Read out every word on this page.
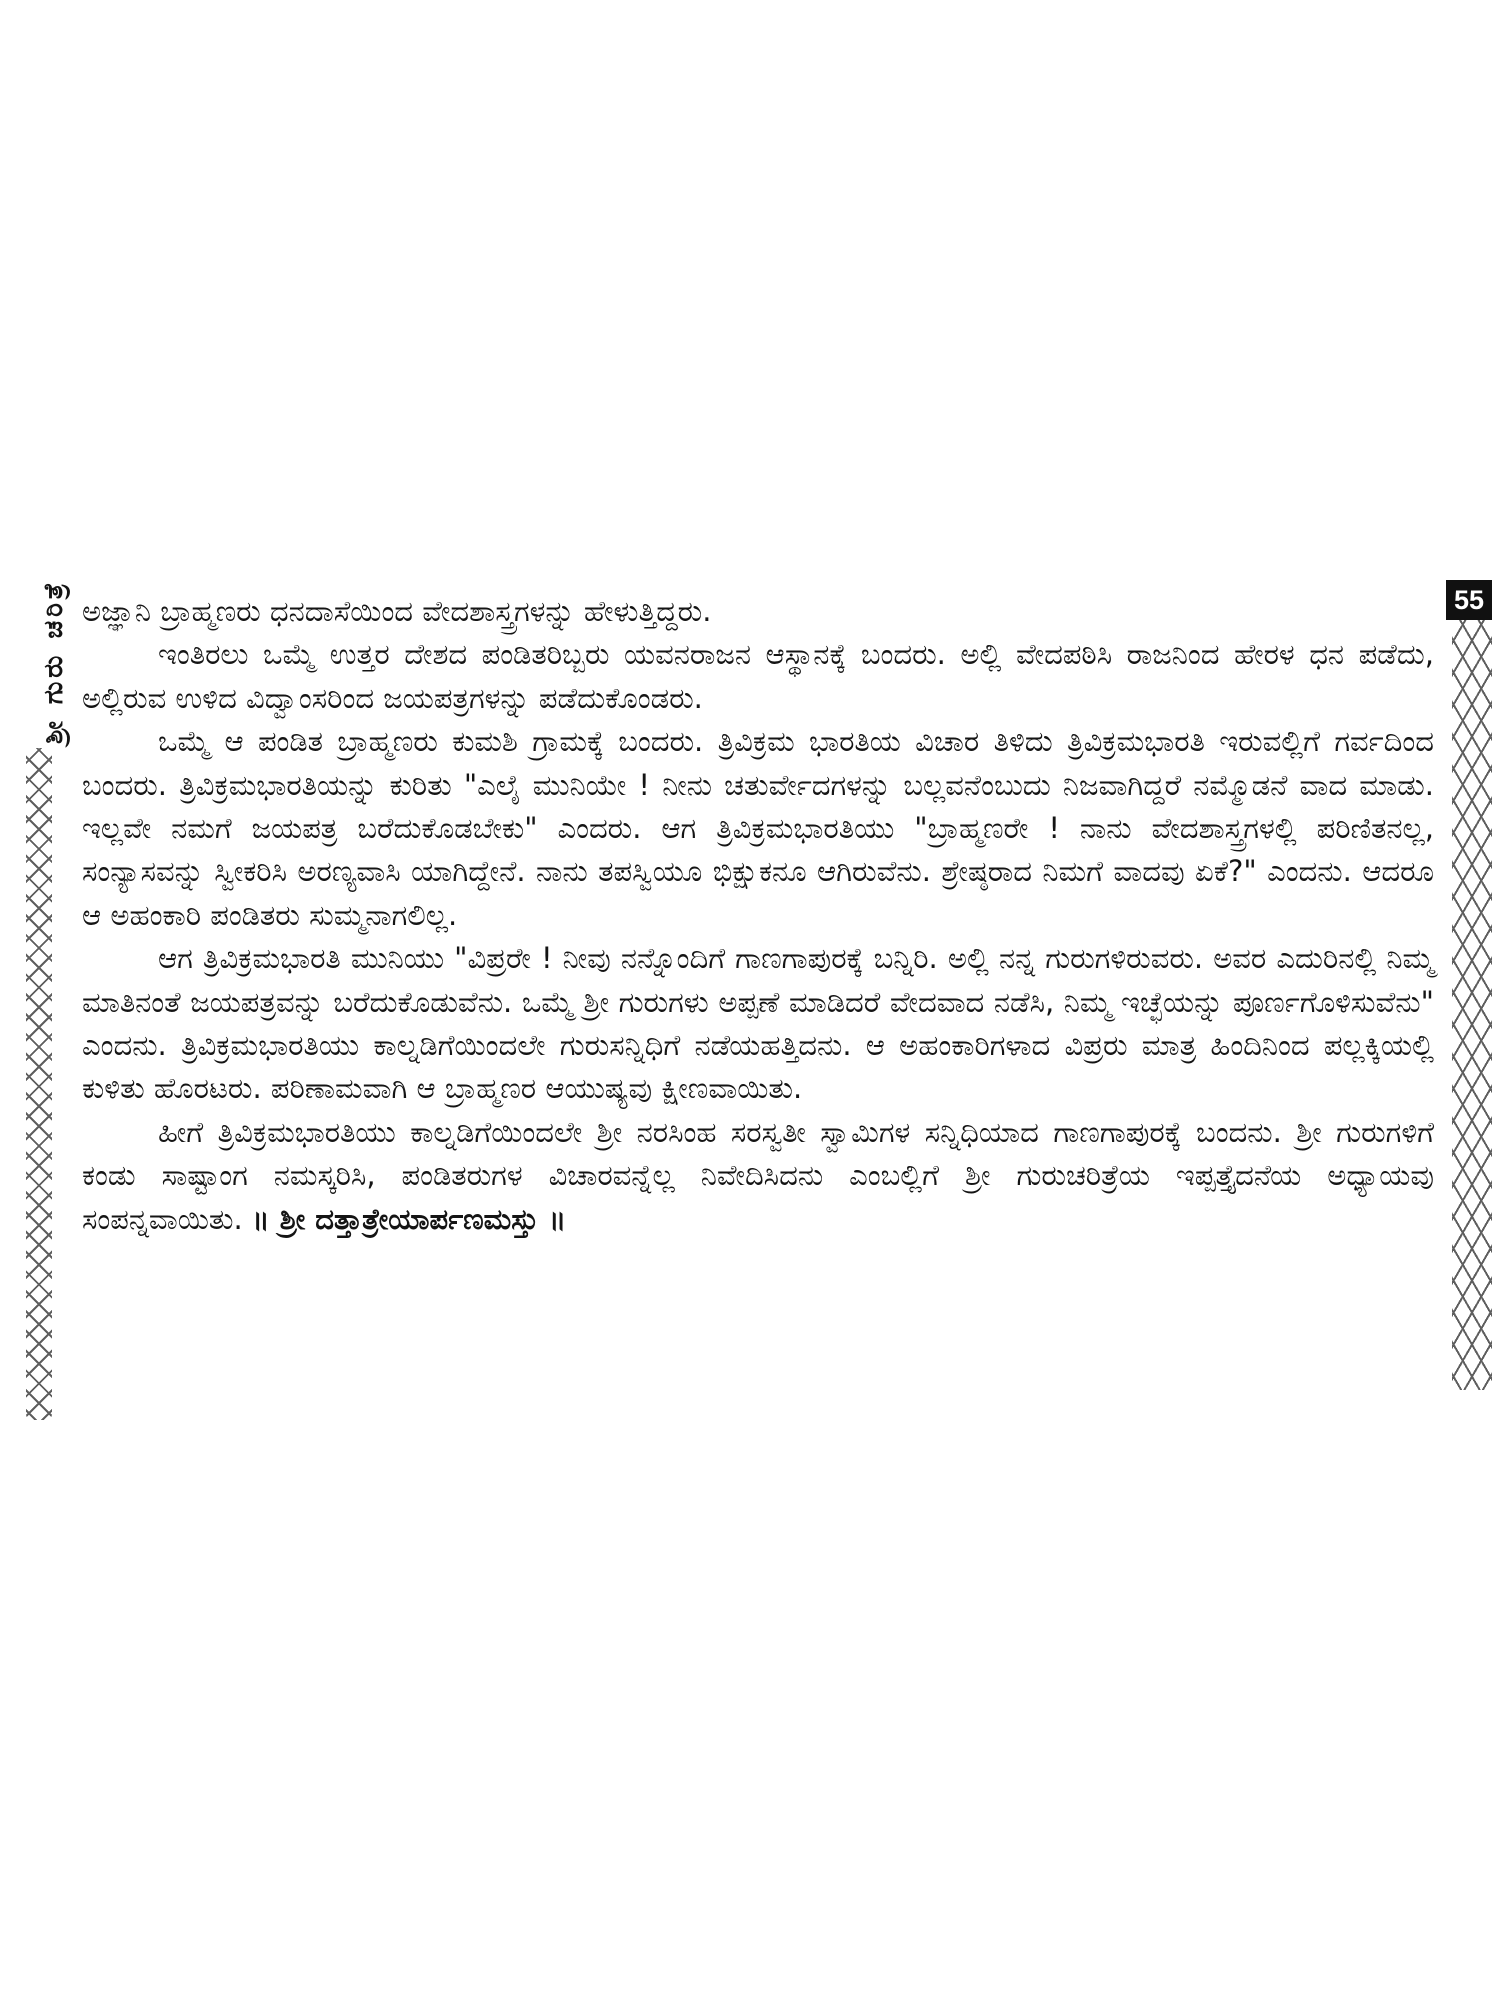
ಶ್ರೀ ಗುರು ಚರಿತ್ರೆ	55

ಅಜ್ಞಾನಿ ಬ್ರಾಹ್ಮಣರು ಧನದಾಸೆಯಿಂದ ವೇದಶಾಸ್ತ್ರಗಳನ್ನು ಹೇಳುತ್ತಿದ್ದರು.

ಇಂತಿರಲು ಒಮ್ಮೆ ಉತ್ತರ ದೇಶದ ಪಂಡಿತರಿಬ್ಬರು ಯವನರಾಜನ ಆಸ್ಥಾನಕ್ಕೆ ಬಂದರು. ಅಲ್ಲಿ ವೇದಪಠಿಸಿ ರಾಜನಿಂದ ಹೇರಳ ಧನ ಪಡೆದು, ಅಲ್ಲಿರುವ ಉಳಿದ ವಿದ್ವಾಂಸರಿಂದ ಜಯಪತ್ರಗಳನ್ನು ಪಡೆದುಕೊಂಡರು.

ಒಮ್ಮೆ ಆ ಪಂಡಿತ ಬ್ರಾಹ್ಮಣರು ಕುಮಶಿ ಗ್ರಾಮಕ್ಕೆ ಬಂದರು. ತ್ರಿವಿಕ್ರಮ ಭಾರತಿಯ ವಿಚಾರ ತಿಳಿದು ತ್ರಿವಿಕ್ರಮಭಾರತಿ ಇರುವಲ್ಲಿಗೆ ಗರ್ವದಿಂದ ಬಂದರು. ತ್ರಿವಿಕ್ರಮಭಾರತಿಯನ್ನು ಕುರಿತು "ಎಲೈ ಮುನಿಯೇ ! ನೀನು ಚತುರ್ವೇದಗಳನ್ನು ಬಲ್ಲವನೆಂಬುದು ನಿಜವಾಗಿದ್ದರೆ ನಮ್ಮೊಡನೆ ವಾದ ಮಾಡು. ಇಲ್ಲವೇ ನಮಗೆ ಜಯಪತ್ರ ಬರೆದುಕೊಡಬೇಕು" ಎಂದರು. ಆಗ ತ್ರಿವಿಕ್ರಮಭಾರತಿಯು "ಬ್ರಾಹ್ಮಣರೇ ! ನಾನು ವೇದಶಾಸ್ತ್ರಗಳಲ್ಲಿ ಪರಿಣಿತನಲ್ಲ, ಸಂನ್ಯಾಸವನ್ನು ಸ್ವೀಕರಿಸಿ ಅರಣ್ಯವಾಸಿ ಯಾಗಿದ್ದೇನೆ. ನಾನು ತಪಸ್ವಿಯೂ ಭಿಕ್ಷುಕನೂ ಆಗಿರುವೆನು. ಶ್ರೇಷ್ಠರಾದ ನಿಮಗೆ ವಾದವು ಏಕೆ?" ಎಂದನು. ಆದರೂ ಆ ಅಹಂಕಾರಿ ಪಂಡಿತರು ಸುಮ್ಮನಾಗಲಿಲ್ಲ.

ಆಗ ತ್ರಿವಿಕ್ರಮಭಾರತಿ ಮುನಿಯು "ವಿಪ್ರರೇ ! ನೀವು ನನ್ನೊಂದಿಗೆ ಗಾಣಗಾಪುರಕ್ಕೆ ಬನ್ನಿರಿ. ಅಲ್ಲಿ ನನ್ನ ಗುರುಗಳಿರುವರು. ಅವರ ಎದುರಿನಲ್ಲಿ ನಿಮ್ಮ ಮಾತಿನಂತೆ ಜಯಪತ್ರವನ್ನು ಬರೆದುಕೊಡುವೆನು. ಒಮ್ಮೆ ಶ್ರೀ ಗುರುಗಳು ಅಪ್ಪಣೆ ಮಾಡಿದರೆ ವೇದವಾದ ನಡೆಸಿ, ನಿಮ್ಮ ಇಚ್ಛೆಯನ್ನು ಪೂರ್ಣಗೊಳಿಸುವೆನು" ಎಂದನು. ತ್ರಿವಿಕ್ರಮಭಾರತಿಯು ಕಾಲ್ನಡಿಗೆಯಿಂದಲೇ ಗುರುಸನ್ನಿಧಿಗೆ ನಡೆಯಹತ್ತಿದನು. ಆ ಅಹಂಕಾರಿಗಳಾದ ವಿಪ್ರರು ಮಾತ್ರ ಹಿಂದಿನಿಂದ ಪಲ್ಲಕ್ಕಿಯಲ್ಲಿ ಕುಳಿತು ಹೊರಟರು. ಪರಿಣಾಮವಾಗಿ ಆ ಬ್ರಾಹ್ಮಣರ ಆಯುಷ್ಯವು ಕ್ಷೀಣವಾಯಿತು.

ಹೀಗೆ ತ್ರಿವಿಕ್ರಮಭಾರತಿಯು ಕಾಲ್ನಡಿಗೆಯಿಂದಲೇ ಶ್ರೀ ನರಸಿಂಹ ಸರಸ್ವತೀ ಸ್ವಾಮಿಗಳ ಸನ್ನಿಧಿಯಾದ ಗಾಣಗಾಪುರಕ್ಕೆ ಬಂದನು. ಶ್ರೀ ಗುರುಗಳಿಗೆ ಕಂಡು ಸಾಷ್ಟಾಂಗ ನಮಸ್ಕರಿಸಿ, ಪಂಡಿತರುಗಳ ವಿಚಾರವನ್ನೆಲ್ಲ ನಿವೇದಿಸಿದನು ಎಂಬಲ್ಲಿಗೆ ಶ್ರೀ ಗುರುಚರಿತ್ರೆಯ ಇಪ್ಪತ್ತೈದನೆಯ ಅಧ್ಯಾಯವು ಸಂಪನ್ನವಾಯಿತು. ॥ ಶ್ರೀ ದತ್ತಾತ್ರೇಯಾರ್ಪಣಮಸ್ತು ॥
